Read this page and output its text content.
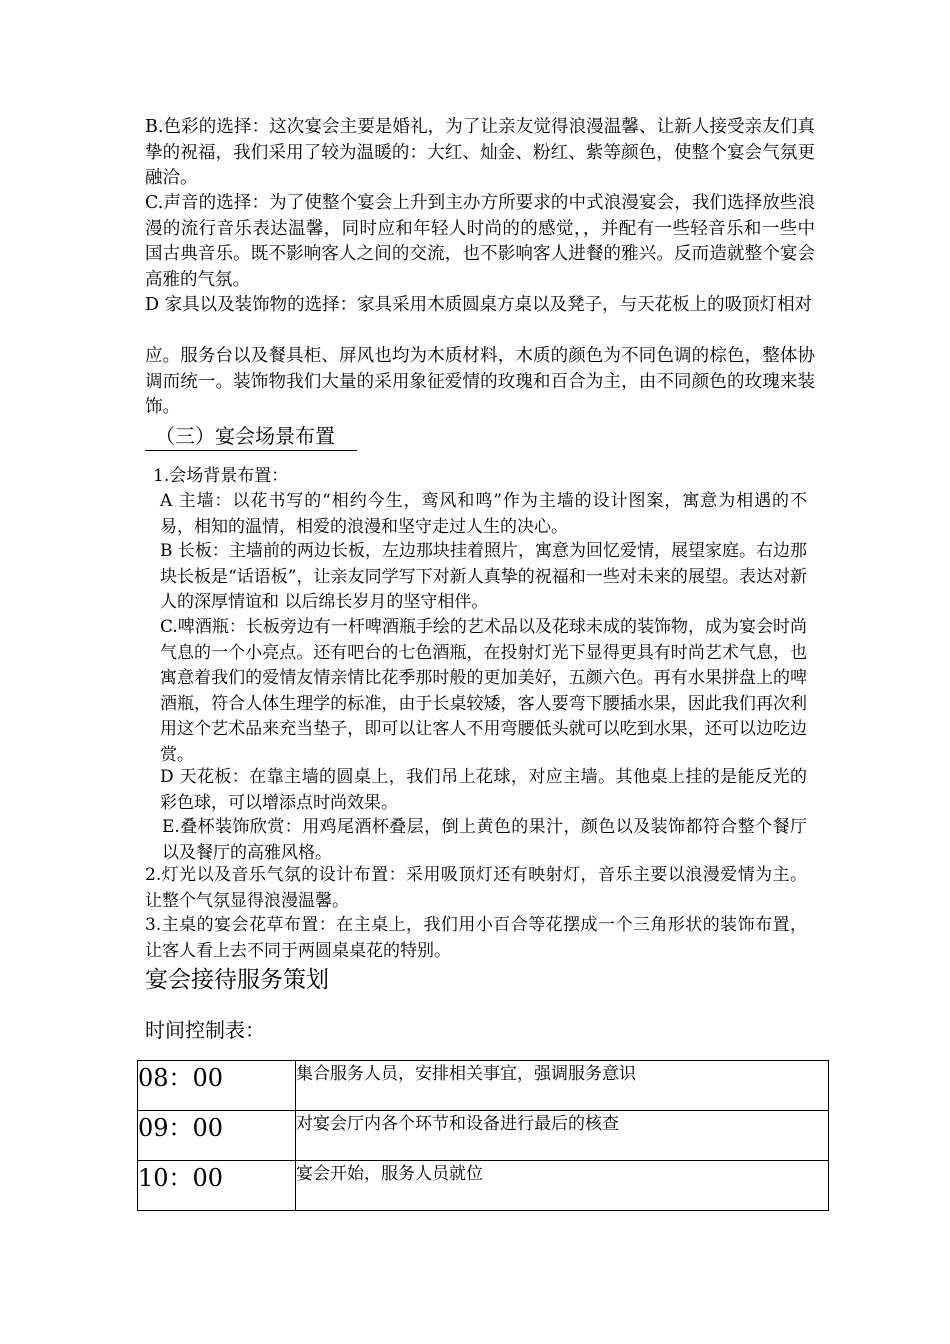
B.色彩的选择：这次宴会主要是婚礼，为了让亲友觉得浪漫温馨、让新人接受亲友们真挚的祝福，我们采用了较为温暖的：大红、灿金、粉红、紫等颜色，使整个宴会气氛更融洽。

C.声音的选择：为了使整个宴会上升到主办方所要求的中式浪漫宴会，我们选择放些浪漫的流行音乐表达温馨，同时应和年轻人时尚的的感觉，，并配有一些轻音乐和一些中国古典音乐。既不影响客人之间的交流，也不影响客人进餐的雅兴。反而造就整个宴会高雅的气氛。

D 家具以及装饰物的选择：家具采用木质圆桌方桌以及凳子，与天花板上的吸顶灯相对

应。服务台以及餐具柜、屏风也均为木质材料，木质的颜色为不同色调的棕色，整体协调而统一。装饰物我们大量的采用象征爱情的玫瑰和百合为主，由不同颜色的玫瑰来装饰。

（三）宴会场景布置

1.会场背景布置：

A 主墙：以花书写的“相约今生，鸾风和鸣”作为主墙的设计图案，寓意为相遇的不易，相知的温情，相爱的浪漫和坚守走过人生的决心。

B 长板：主墙前的两边长板，左边那块挂着照片，寓意为回忆爱情，展望家庭。右边那块长板是“话语板”，让亲友同学写下对新人真挚的祝福和一些对未来的展望。表达对新人的深厚情谊和 以后绵长岁月的坚守相伴。

C.啤酒瓶：长板旁边有一杆啤酒瓶手绘的艺术品以及花球未成的装饰物，成为宴会时尚气息的一个小亮点。还有吧台的七色酒瓶，在投射灯光下显得更具有时尚艺术气息，也寓意着我们的爱情友情亲情比花季那时般的更加美好，五颜六色。再有水果拼盘上的啤酒瓶，符合人体生理学的标准，由于长桌较矮，客人要弯下腰插水果，因此我们再次利用这个艺术品来充当垫子，即可以让客人不用弯腰低头就可以吃到水果，还可以边吃边赏。

D 天花板：在靠主墙的圆桌上，我们吊上花球，对应主墙。其他桌上挂的是能反光的彩色球，可以增添点时尚效果。

E.叠杯装饰欣赏：用鸡尾酒杯叠层，倒上黄色的果汁，颜色以及装饰都符合整个餐厅以及餐厅的高雅风格。

2.灯光以及音乐气氛的设计布置：采用吸顶灯还有映射灯，音乐主要以浪漫爱情为主。让整个气氛显得浪漫温馨。

3.主桌的宴会花草布置：在主桌上，我们用小百合等花摆成一个三角形状的装饰布置，让客人看上去不同于两圆桌桌花的特别。

宴会接待服务策划
时间控制表：
08：00	集合服务人员，安排相关事宜，强调服务意识
09：00	对宴会厅内各个环节和设备进行最后的核查
10：00	宴会开始，服务人员就位
